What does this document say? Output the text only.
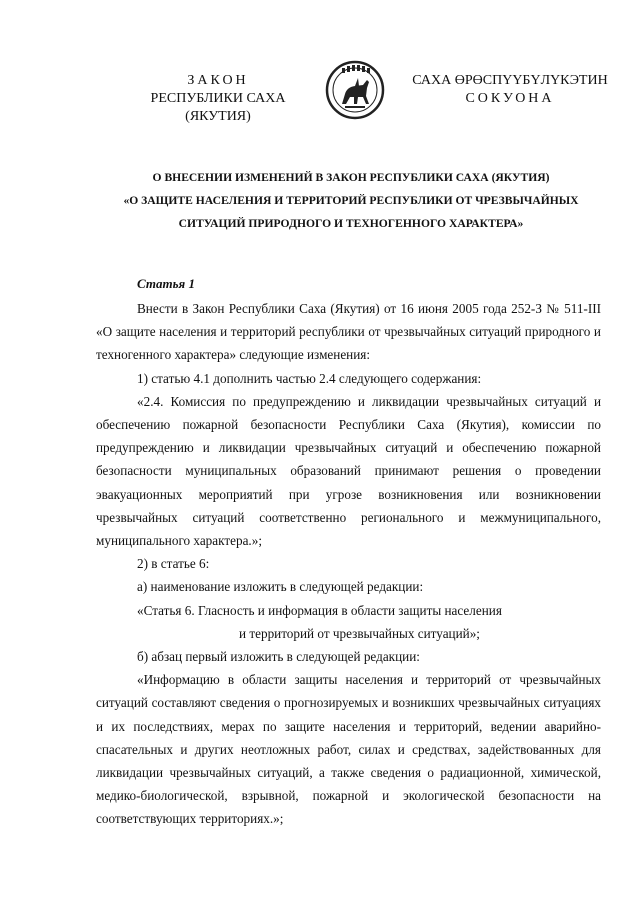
ЗАКОН
РЕСПУБЛИКИ САХА (ЯКУТИЯ)
САХА ӨРӨСПҮҮБҮЛҮКЭТИН
СОКУОНА
О ВНЕСЕНИИ ИЗМЕНЕНИЙ В ЗАКОН РЕСПУБЛИКИ САХА (ЯКУТИЯ)
«О ЗАЩИТЕ НАСЕЛЕНИЯ И ТЕРРИТОРИЙ РЕСПУБЛИКИ ОТ ЧРЕЗВЫЧАЙНЫХ
СИТУАЦИЙ ПРИРОДНОГО И ТЕХНОГЕННОГО ХАРАКТЕРА»
Статья 1

Внести в Закон Республики Саха (Якутия) от 16 июня 2005 года 252-З № 511-III «О защите населения и территорий республики от чрезвычайных ситуаций природного и техногенного характера» следующие изменения:

1) статью 4.1 дополнить частью 2.4 следующего содержания:

«2.4. Комиссия по предупреждению и ликвидации чрезвычайных ситуаций и обеспечению пожарной безопасности Республики Саха (Якутия), комиссии по предупреждению и ликвидации чрезвычайных ситуаций и обеспечению пожарной безопасности муниципальных образований принимают решения о проведении эвакуационных мероприятий при угрозе возникновения или возникновении чрезвычайных ситуаций соответственно регионального и межмуниципального, муниципального характера.»;

2) в статье 6:

а) наименование изложить в следующей редакции:

«Статья 6. Гласность и информация в области защиты населения

и территорий от чрезвычайных ситуаций»;

б) абзац первый изложить в следующей редакции:

«Информацию в области защиты населения и территорий от чрезвычайных ситуаций составляют сведения о прогнозируемых и возникших чрезвычайных ситуациях и их последствиях, мерах по защите населения и территорий, ведении аварийно-спасательных и других неотложных работ, силах и средствах, задействованных для ликвидации чрезвычайных ситуаций, а также сведения о радиационной, химической, медико-биологической, взрывной, пожарной и экологической безопасности на соответствующих территориях.»;
